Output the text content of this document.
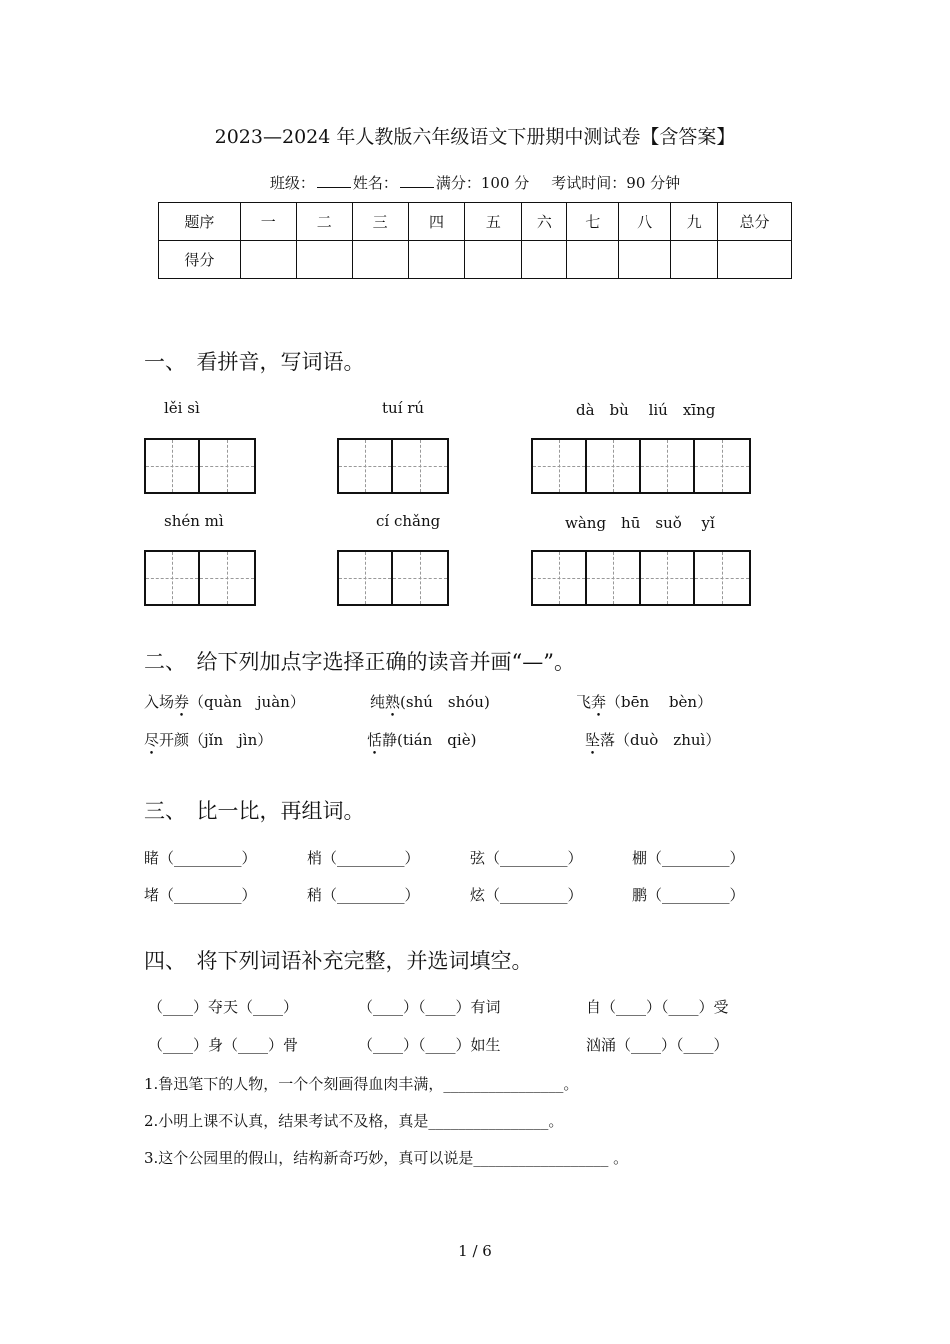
2023—2024 年人教版六年级语文下册期中测试卷【含答案】
班级：	姓名：	满分：100 分 考试时间：90 分钟
题序	一	二	三	四	五	六	七	八	九	总分
得分										
一、　看拼音，写词语。
lěi sì	tuí rú	dà　bù　 liú　xīng
shén mì	cí chǎng	wàng　hū　suǒ　 yǐ
二、　给下列加点字选择正确的读音并画“—”。
入场券（quàn　juàn）	纯熟(shú　shóu)	飞奔（bēn　 bèn）
尽开颜（jǐn　jìn）	恬静(tián　qiè)	坠落（duò　zhuì）
三、　比一比，再组词。
睹（_________）	梢（_________）	弦（_________）	棚（_________）
堵（_________）	稍（_________）	炫（_________）	鹏（_________）
四、　将下列词语补充完整，并选词填空。
（____）夺天（____）	（____）（____）有词	自（____）（____）受
（____）身（____）骨	（____）（____）如生	汹涌（____）（____）
1.鲁迅笔下的人物，一个个刻画得血肉丰满，________________。
2.小明上课不认真，结果考试不及格，真是________________。
3.这个公园里的假山，结构新奇巧妙，真可以说是__________________ 。
1 / 6
